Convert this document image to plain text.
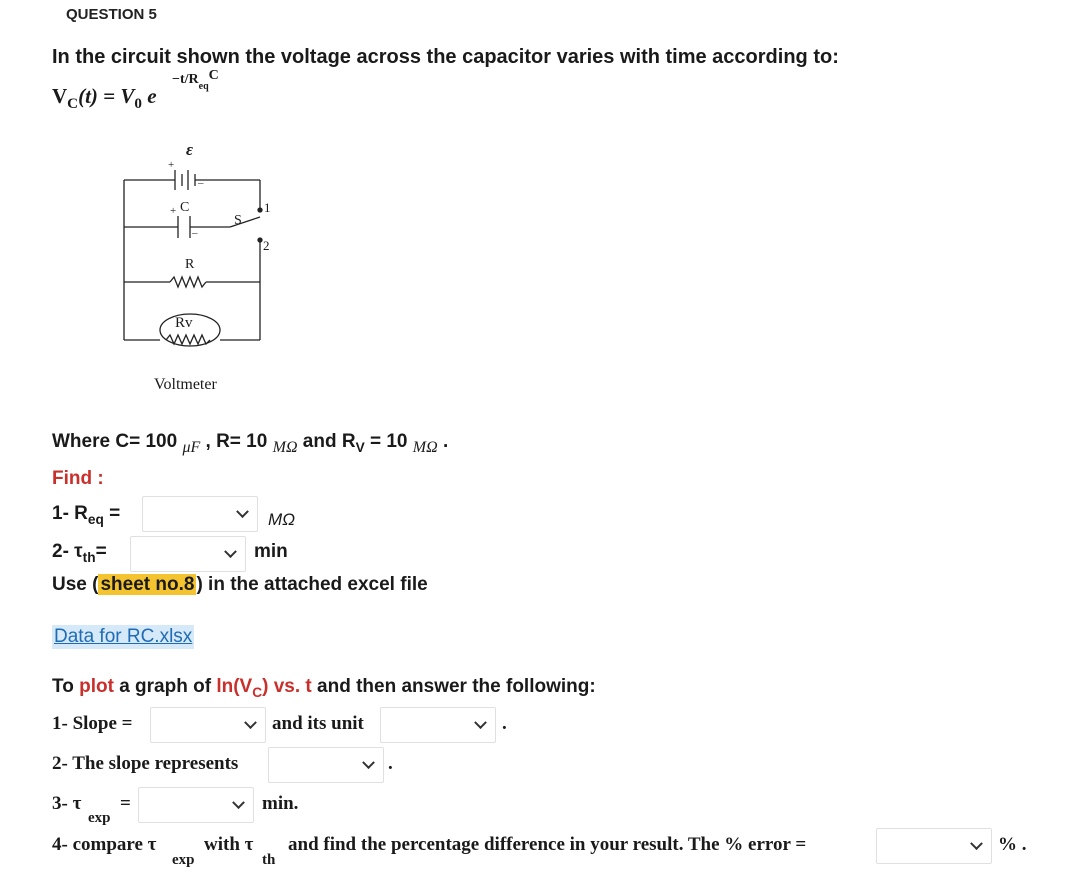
QUESTION 5
In the circuit shown the voltage across the capacitor varies with time according to:
$V_C(t) = V_0$ e
$-t/R_{eq}C$
+
–
+
–
ε
C
S
1
2
R
Rv
Voltmeter
Where C= 100 $_{\mu F}$ , R= 10 $_{M\Omega}$ and $R_V = 10$ $_{M\Omega}$ .
Find :
1- $R_{eq}$ =	MΩ
2- $\tau_{th}=$	min
Use ( sheet no.8 ) in the attached excel file
Data for RC.xlsx
To plot a graph of $\ln(V_C)$ vs. t and then answer the following:
1- Slope =	and its unit	.
2- The slope represents	.
3- τ
exp
=	min.
4- compare τ
exp
with τ
th
and find the percentage difference in your result. The % error =	% .
